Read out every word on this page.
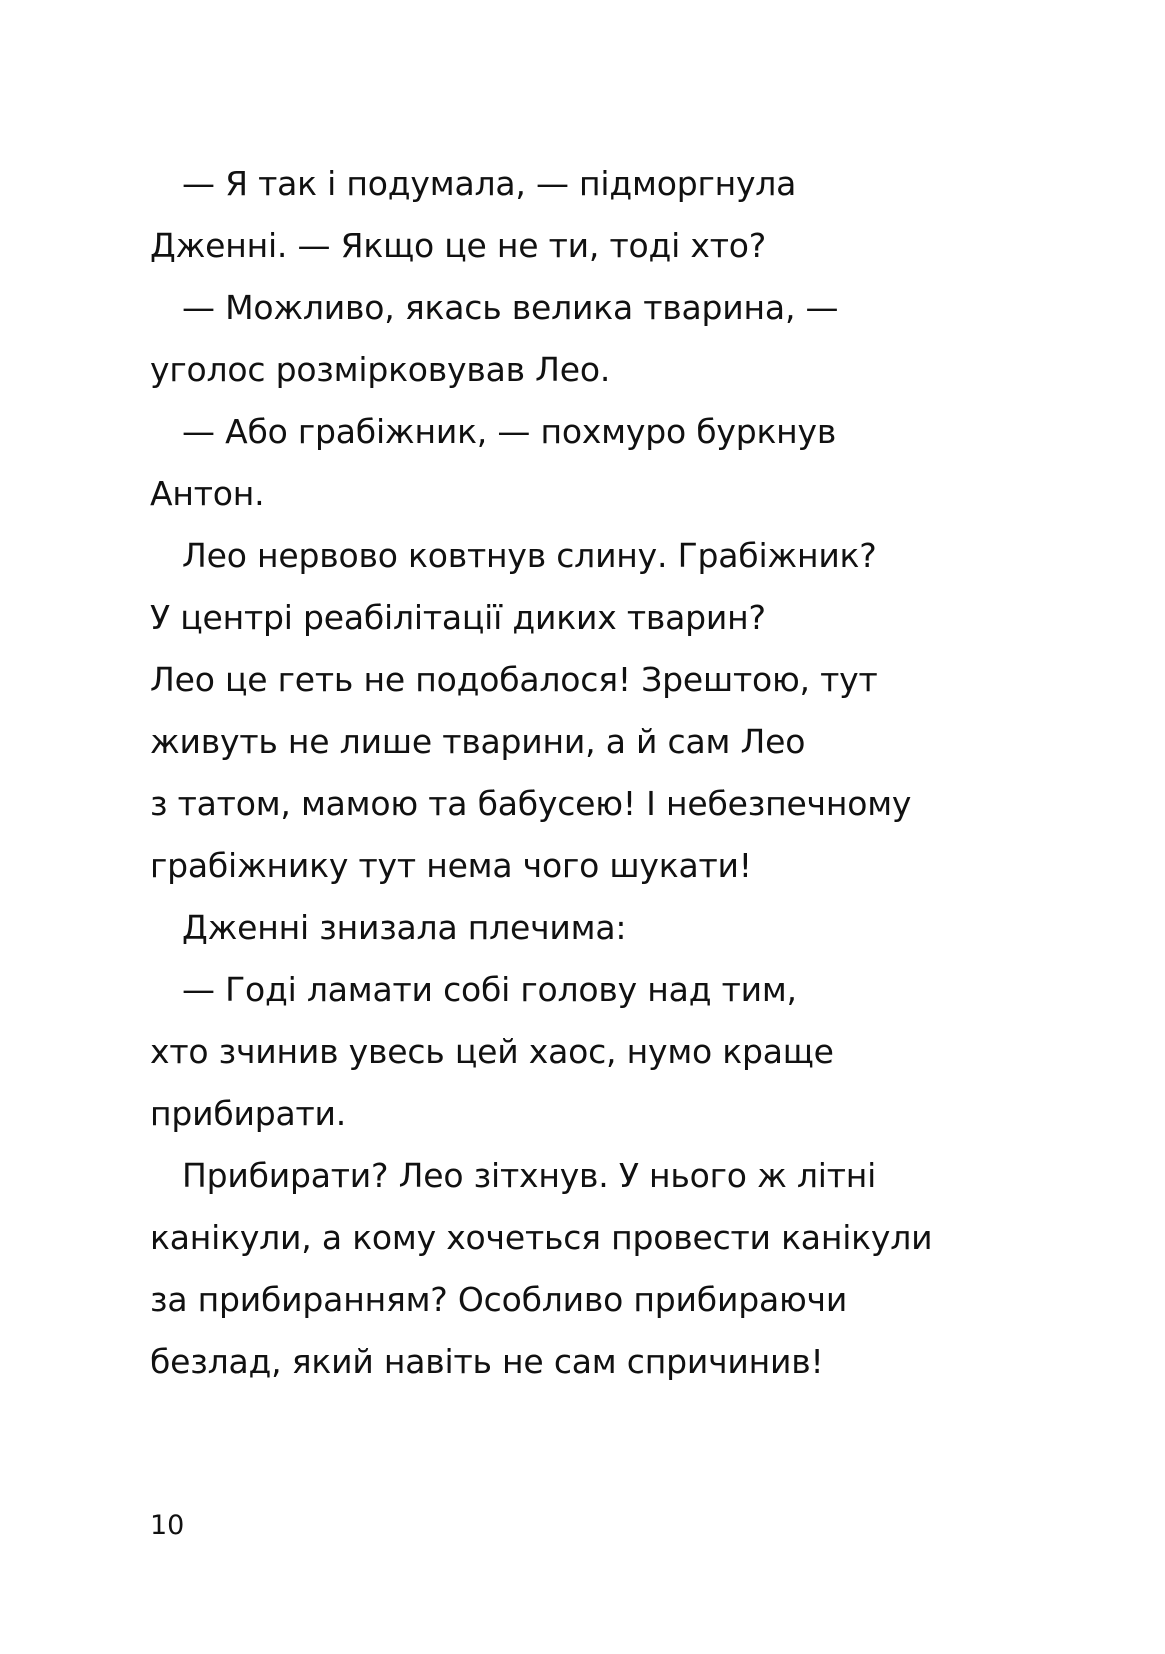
— Я так і подумала, — підморгнула
Дженні. — Якщо це не ти, тоді хто?
— Можливо, якась велика тварина, —
уголос розмірковував Лео.
— Або грабіжник, — похмуро буркнув
Антон.
Лео нервово ковтнув слину. Грабіжник?
У центрі реабілітації диких тварин?
Лео це геть не подобалося! Зрештою, тут
живуть не лише тварини, а й сам Лео
з татом, мамою та бабусею! І небезпечному
грабіжнику тут нема чого шукати!
Дженні знизала плечима:
— Годі ламати собі голову над тим,
хто зчинив увесь цей хаос, нумо краще
прибирати.
Прибирати? Лео зітхнув. У нього ж літні
канікули, а кому хочеться провести канікули
за прибиранням? Особливо прибираючи
безлад, який навіть не сам спричинив!
10
